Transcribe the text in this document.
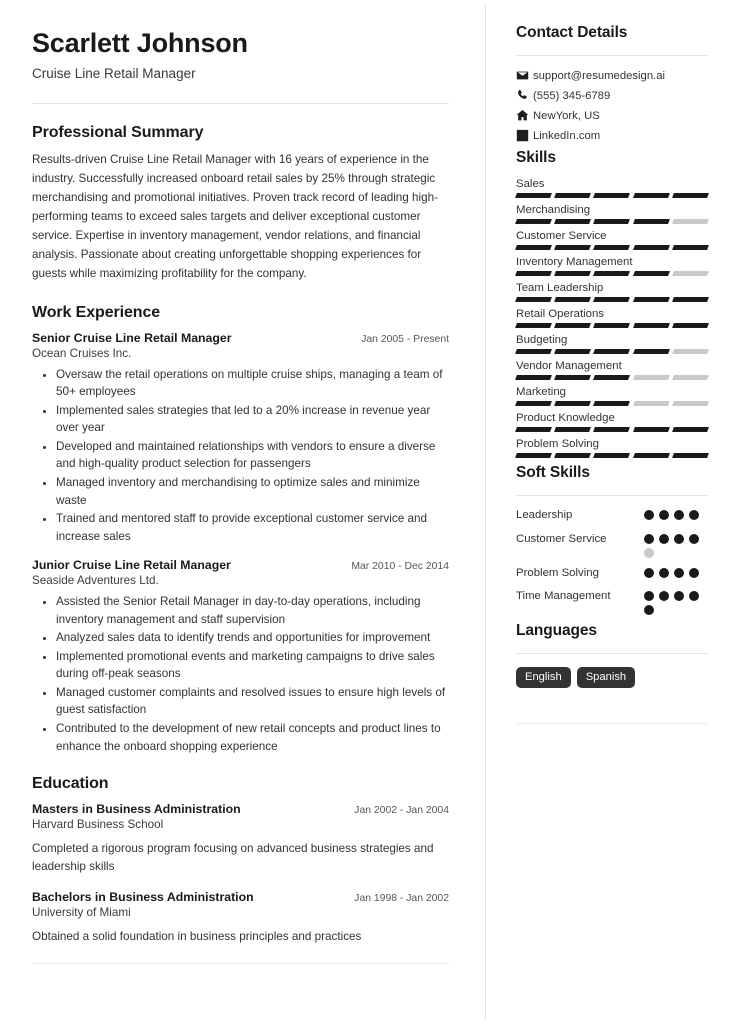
Scarlett Johnson
Cruise Line Retail Manager
Professional Summary
Results-driven Cruise Line Retail Manager with 16 years of experience in the industry. Successfully increased onboard retail sales by 25% through strategic merchandising and promotional initiatives. Proven track record of leading high-performing teams to exceed sales targets and deliver exceptional customer service. Expertise in inventory management, vendor relations, and financial analysis. Passionate about creating unforgettable shopping experiences for guests while maximizing profitability for the company.
Work Experience
Senior Cruise Line Retail Manager	Jan 2005 - Present
Ocean Cruises Inc.
• Oversaw the retail operations on multiple cruise ships, managing a team of 50+ employees
• Implemented sales strategies that led to a 20% increase in revenue year over year
• Developed and maintained relationships with vendors to ensure a diverse and high-quality product selection for passengers
• Managed inventory and merchandising to optimize sales and minimize waste
• Trained and mentored staff to provide exceptional customer service and increase sales
Junior Cruise Line Retail Manager	Mar 2010 - Dec 2014
Seaside Adventures Ltd.
• Assisted the Senior Retail Manager in day-to-day operations, including inventory management and staff supervision
• Analyzed sales data to identify trends and opportunities for improvement
• Implemented promotional events and marketing campaigns to drive sales during off-peak seasons
• Managed customer complaints and resolved issues to ensure high levels of guest satisfaction
• Contributed to the development of new retail concepts and product lines to enhance the onboard shopping experience
Education
Masters in Business Administration	Jan 2002 - Jan 2004
Harvard Business School
Completed a rigorous program focusing on advanced business strategies and leadership skills
Bachelors in Business Administration	Jan 1998 - Jan 2002
University of Miami
Obtained a solid foundation in business principles and practices
Contact Details
support@resumedesign.ai
(555) 345-6789
NewYork, US
LinkedIn.com
Skills
Sales
Merchandising
Customer Service
Inventory Management
Team Leadership
Retail Operations
Budgeting
Vendor Management
Marketing
Product Knowledge
Problem Solving
Soft Skills
Leadership
Customer Service
Problem Solving
Time Management
Languages
English	Spanish
